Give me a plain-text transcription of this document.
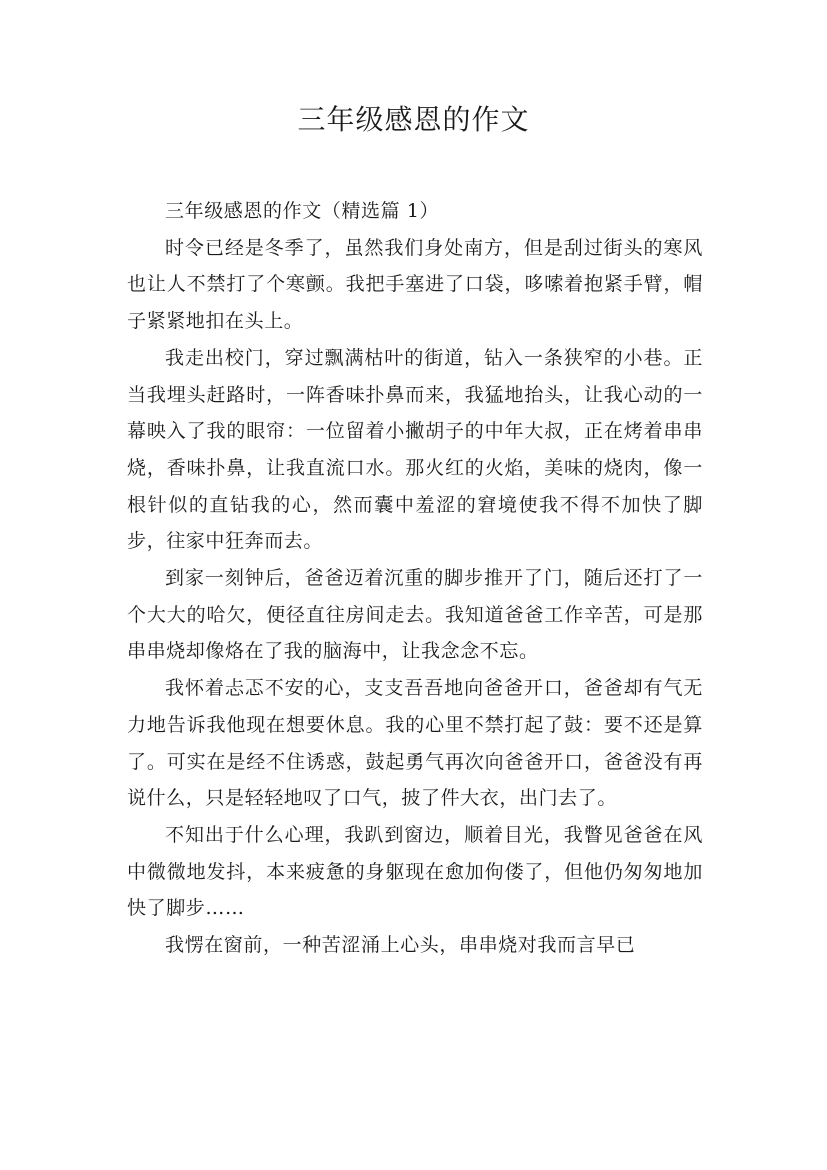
三年级感恩的作文

三年级感恩的作文（精选篇 1）

时令已经是冬季了，虽然我们身处南方，但是刮过街头的寒风也让人不禁打了个寒颤。我把手塞进了口袋，哆嗦着抱紧手臂，帽子紧紧地扣在头上。

我走出校门，穿过飘满枯叶的街道，钻入一条狭窄的小巷。正当我埋头赶路时，一阵香味扑鼻而来，我猛地抬头，让我心动的一幕映入了我的眼帘：一位留着小撇胡子的中年大叔，正在烤着串串烧，香味扑鼻，让我直流口水。那火红的火焰，美味的烧肉，像一根针似的直钻我的心，然而囊中羞涩的窘境使我不得不加快了脚步，往家中狂奔而去。

到家一刻钟后，爸爸迈着沉重的脚步推开了门，随后还打了一个大大的哈欠，便径直往房间走去。我知道爸爸工作辛苦，可是那串串烧却像烙在了我的脑海中，让我念念不忘。

我怀着忐忑不安的心，支支吾吾地向爸爸开口，爸爸却有气无力地告诉我他现在想要休息。我的心里不禁打起了鼓：要不还是算了。可实在是经不住诱惑，鼓起勇气再次向爸爸开口，爸爸没有再说什么，只是轻轻地叹了口气，披了件大衣，出门去了。

不知出于什么心理，我趴到窗边，顺着目光，我瞥见爸爸在风中微微地发抖，本来疲惫的身躯现在愈加佝偻了，但他仍匆匆地加快了脚步……

我愣在窗前，一种苦涩涌上心头，串串烧对我而言早已
